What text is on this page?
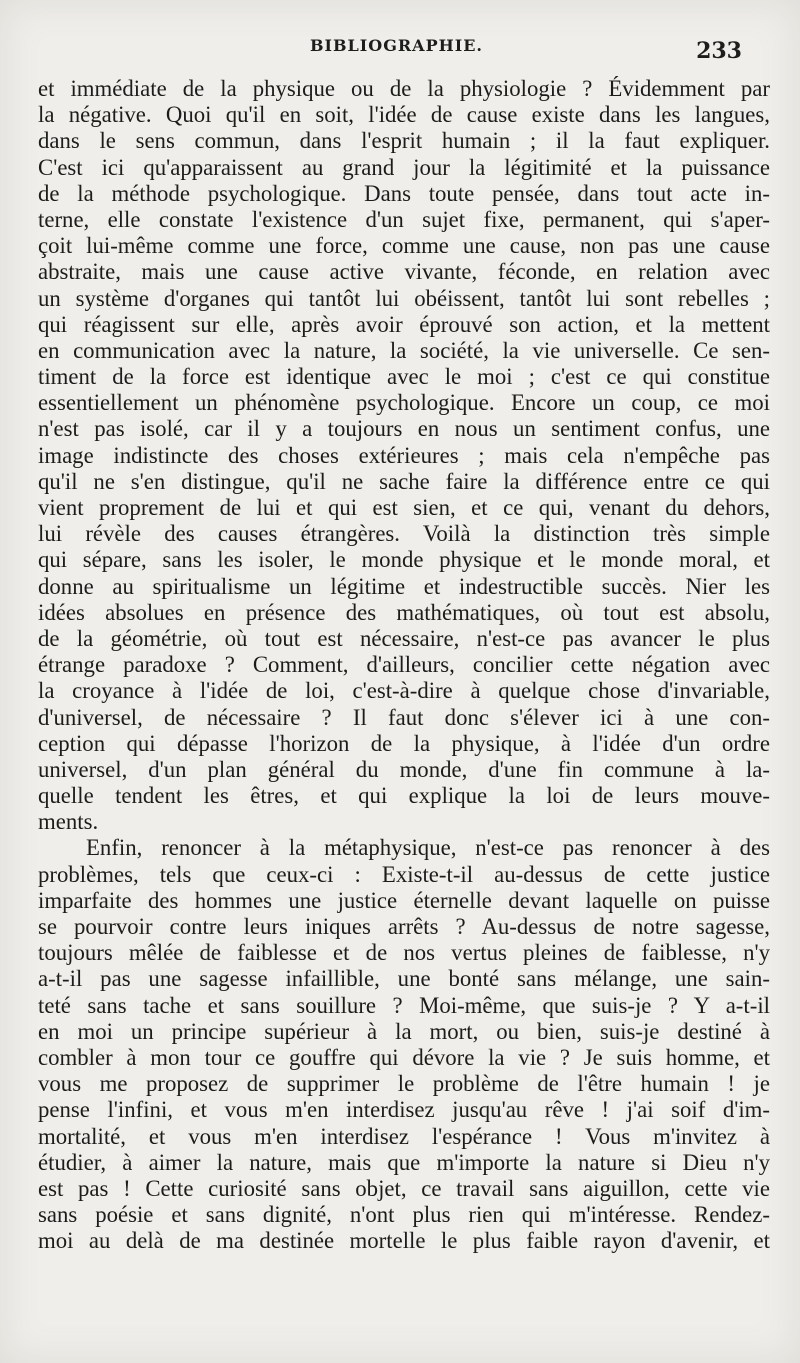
BIBLIOGRAPHIE.	233
et immédiate de la physique ou de la physiologie ? Évidemment par
la négative. Quoi qu'il en soit, l'idée de cause existe dans les langues,
dans le sens commun, dans l'esprit humain ; il la faut expliquer.
C'est ici qu'apparaissent au grand jour la légitimité et la puissance
de la méthode psychologique. Dans toute pensée, dans tout acte in-
terne, elle constate l'existence d'un sujet fixe, permanent, qui s'aper-
çoit lui-même comme une force, comme une cause, non pas une cause
abstraite, mais une cause active vivante, féconde, en relation avec
un système d'organes qui tantôt lui obéissent, tantôt lui sont rebelles ;
qui réagissent sur elle, après avoir éprouvé son action, et la mettent
en communication avec la nature, la société, la vie universelle. Ce sen-
timent de la force est identique avec le moi ; c'est ce qui constitue
essentiellement un phénomène psychologique. Encore un coup, ce moi
n'est pas isolé, car il y a toujours en nous un sentiment confus, une
image indistincte des choses extérieures ; mais cela n'empêche pas
qu'il ne s'en distingue, qu'il ne sache faire la différence entre ce qui
vient proprement de lui et qui est sien, et ce qui, venant du dehors,
lui révèle des causes étrangères. Voilà la distinction très simple
qui sépare, sans les isoler, le monde physique et le monde moral, et
donne au spiritualisme un légitime et indestructible succès. Nier les
idées absolues en présence des mathématiques, où tout est absolu,
de la géométrie, où tout est nécessaire, n'est-ce pas avancer le plus
étrange paradoxe ? Comment, d'ailleurs, concilier cette négation avec
la croyance à l'idée de loi, c'est-à-dire à quelque chose d'invariable,
d'universel, de nécessaire ? Il faut donc s'élever ici à une con-
ception qui dépasse l'horizon de la physique, à l'idée d'un ordre
universel, d'un plan général du monde, d'une fin commune à la-
quelle tendent les êtres, et qui explique la loi de leurs mouve-
ments.
Enfin, renoncer à la métaphysique, n'est-ce pas renoncer à des
problèmes, tels que ceux-ci : Existe-t-il au-dessus de cette justice
imparfaite des hommes une justice éternelle devant laquelle on puisse
se pourvoir contre leurs iniques arrêts ? Au-dessus de notre sagesse,
toujours mêlée de faiblesse et de nos vertus pleines de faiblesse, n'y
a-t-il pas une sagesse infaillible, une bonté sans mélange, une sain-
teté sans tache et sans souillure ? Moi-même, que suis-je ? Y a-t-il
en moi un principe supérieur à la mort, ou bien, suis-je destiné à
combler à mon tour ce gouffre qui dévore la vie ? Je suis homme, et
vous me proposez de supprimer le problème de l'être humain ! je
pense l'infini, et vous m'en interdisez jusqu'au rêve ! j'ai soif d'im-
mortalité, et vous m'en interdisez l'espérance ! Vous m'invitez à
étudier, à aimer la nature, mais que m'importe la nature si Dieu n'y
est pas ! Cette curiosité sans objet, ce travail sans aiguillon, cette vie
sans poésie et sans dignité, n'ont plus rien qui m'intéresse. Rendez-
moi au delà de ma destinée mortelle le plus faible rayon d'avenir, et
